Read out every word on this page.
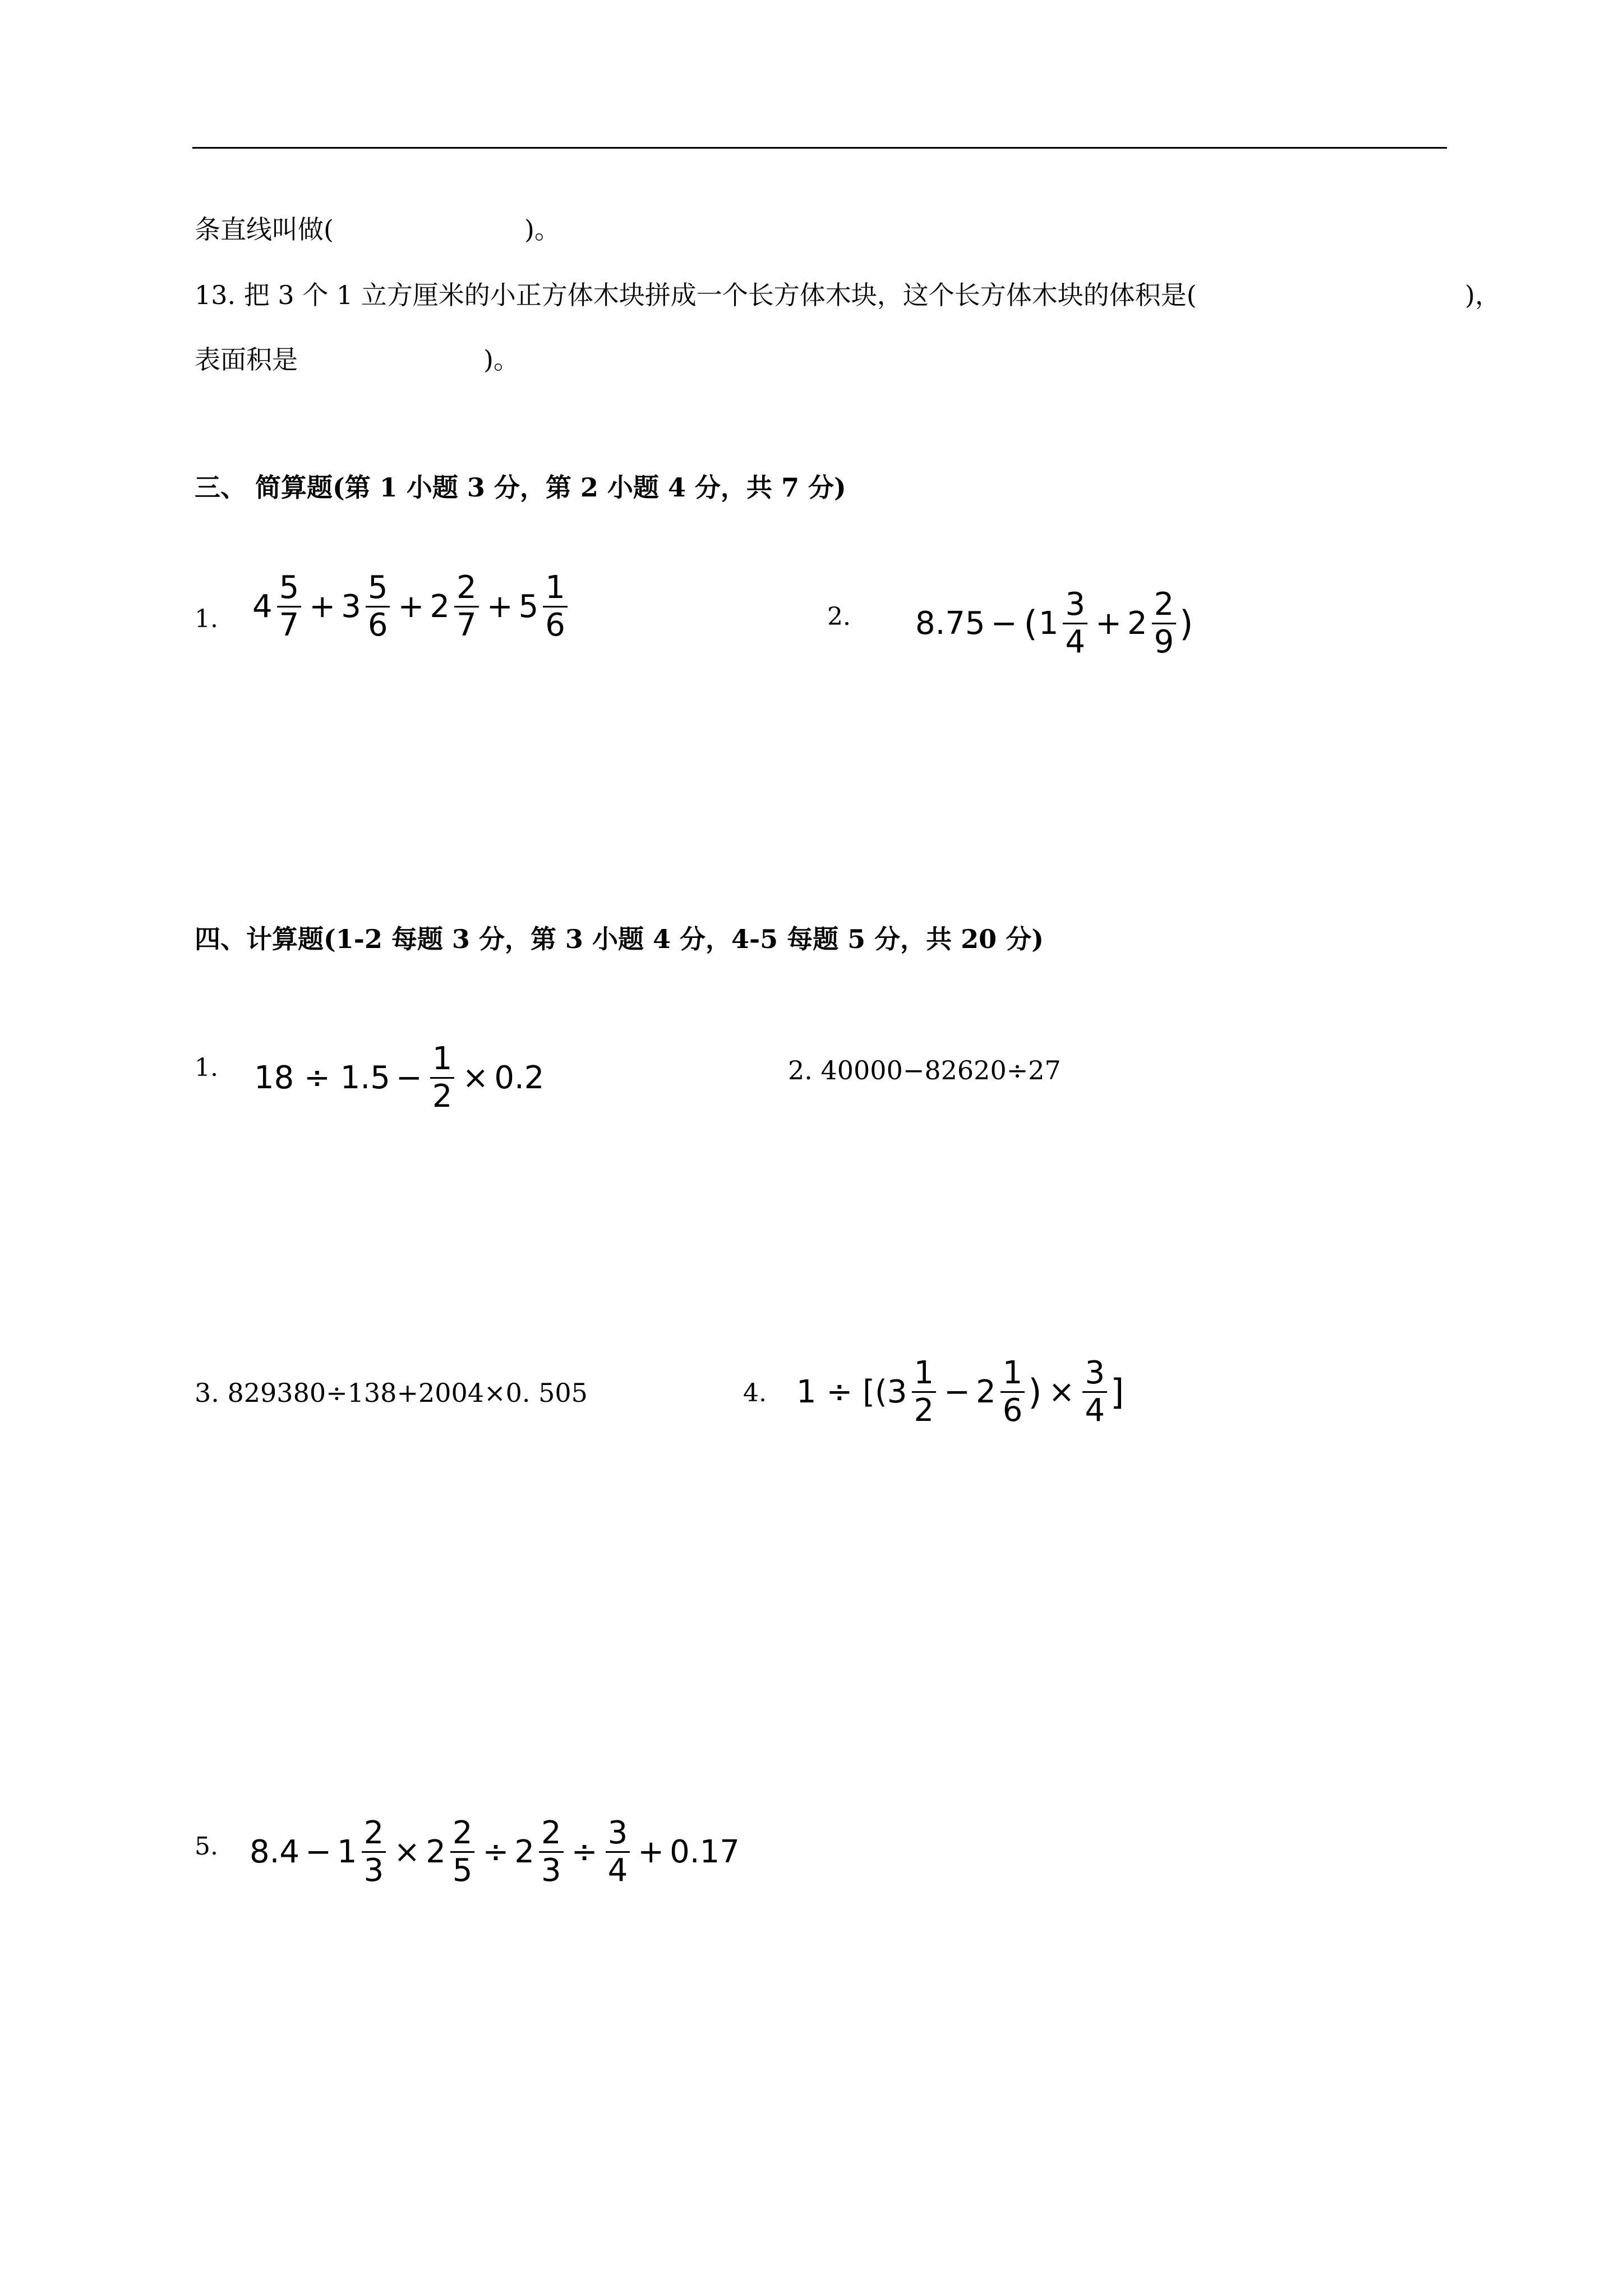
条直线叫做(	)。
13. 把 3 个 1 立方厘米的小正方体木块拼成一个长方体木块，这个长方体木块的体积是(	)，
表面积是	)。
三、 简算题(第 1 小题 3 分，第 2 小题 4 分，共 7 分)
1. $4 \frac{5}{7} + 3 \frac{5}{6} + 2 \frac{2}{7} + 5 \frac{1}{6}$	2. 8.75 − ( $1 \frac{3}{4} + 2 \frac{2}{9}$ )
四、计算题(1-2 每题 3 分，第 3 小题 4 分，4-5 每题 5 分，共 20 分)
1. $18 \div 1.5 - \frac{1}{2} \times 0.2$	2. 40000−82620÷27
3. 829380÷138+2004×0. 505	4. 1 ÷ [( $3 \frac{1}{2} - 2 \frac{1}{6}$ ) × $\frac{3}{4}$ ]
5. $8.4 - 1 \frac{2}{3} \times 2 \frac{2}{5} \div 2 \frac{2}{3} \div \frac{3}{4} + 0.17$
